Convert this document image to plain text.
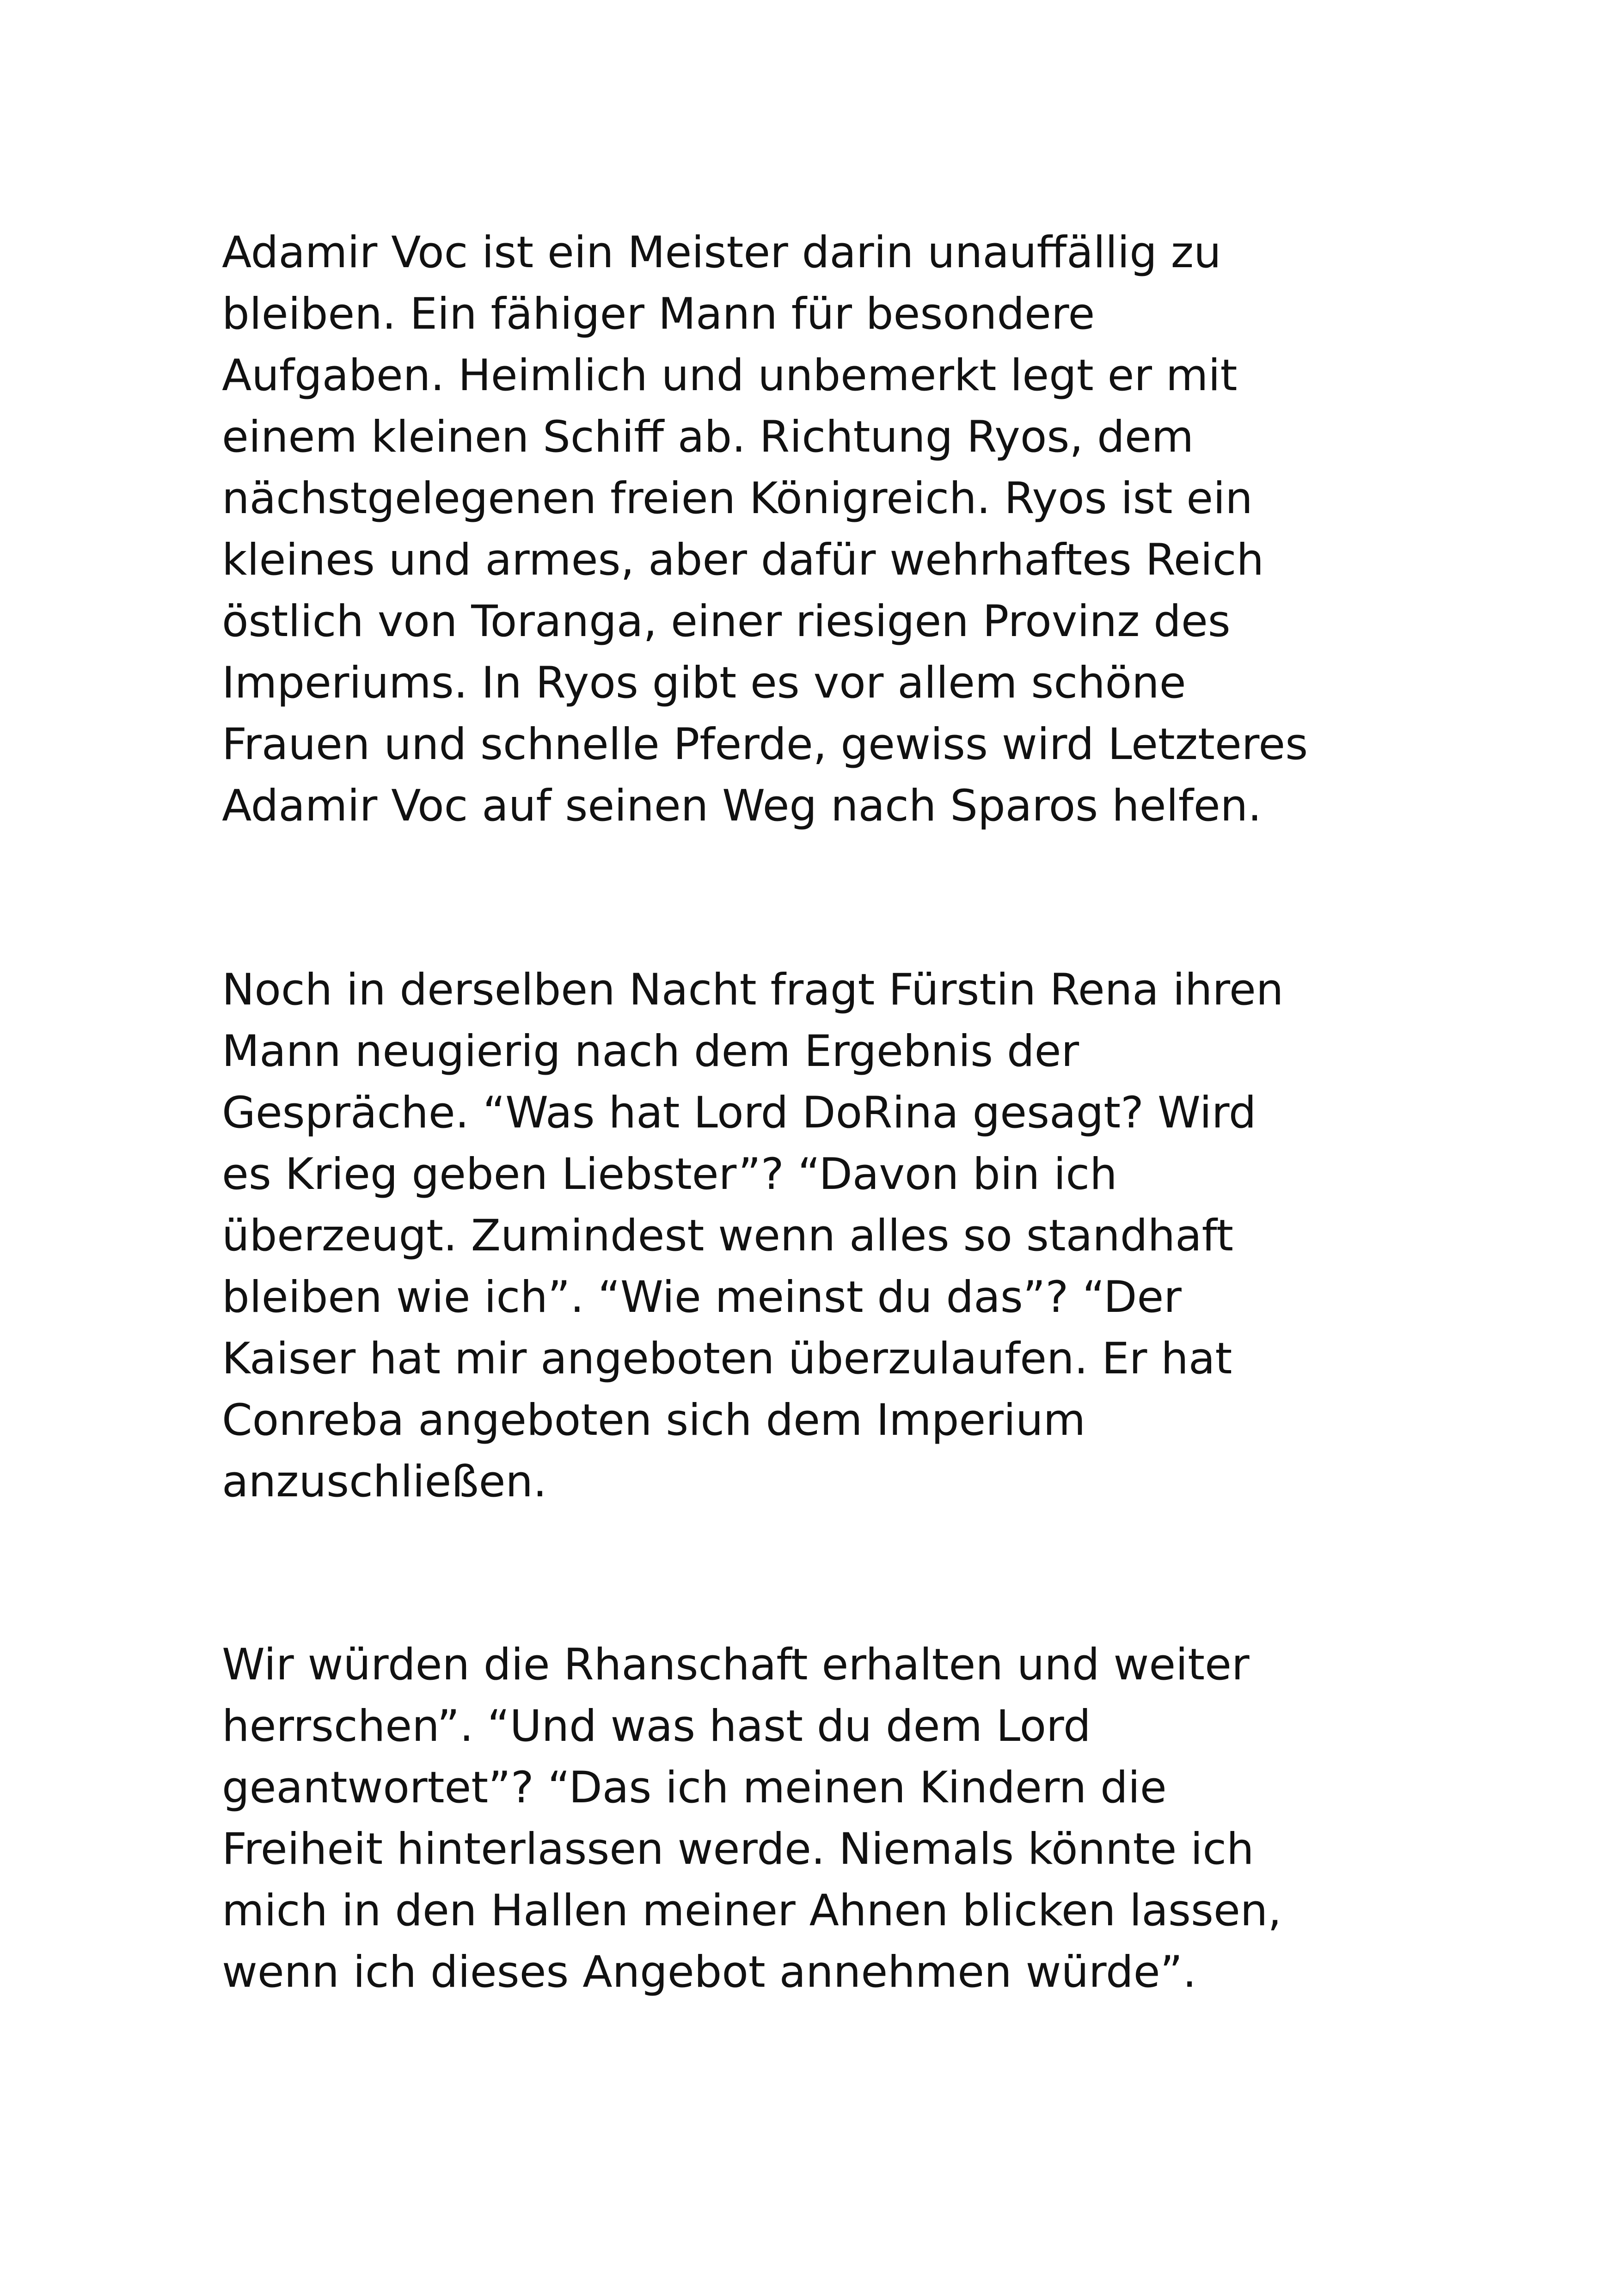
Adamir Voc ist ein Meister darin unauffällig zu
bleiben. Ein fähiger Mann für besondere
Aufgaben. Heimlich und unbemerkt legt er mit
einem kleinen Schiff ab. Richtung Ryos, dem
nächstgelegenen freien Königreich. Ryos ist ein
kleines und armes, aber dafür wehrhaftes Reich
östlich von Toranga, einer riesigen Provinz des
Imperiums. In Ryos gibt es vor allem schöne
Frauen und schnelle Pferde, gewiss wird Letzteres
Adamir Voc auf seinen Weg nach Sparos helfen.

Noch in derselben Nacht fragt Fürstin Rena ihren
Mann neugierig nach dem Ergebnis der
Gespräche. “Was hat Lord DoRina gesagt? Wird
es Krieg geben Liebster”? “Davon bin ich
überzeugt. Zumindest wenn alles so standhaft
bleiben wie ich”. “Wie meinst du das”? “Der
Kaiser hat mir angeboten überzulaufen. Er hat
Conreba angeboten sich dem Imperium
anzuschließen.

Wir würden die Rhanschaft erhalten und weiter
herrschen”. “Und was hast du dem Lord
geantwortet”? “Das ich meinen Kindern die
Freiheit hinterlassen werde. Niemals könnte ich
mich in den Hallen meiner Ahnen blicken lassen,
wenn ich dieses Angebot annehmen würde”.
